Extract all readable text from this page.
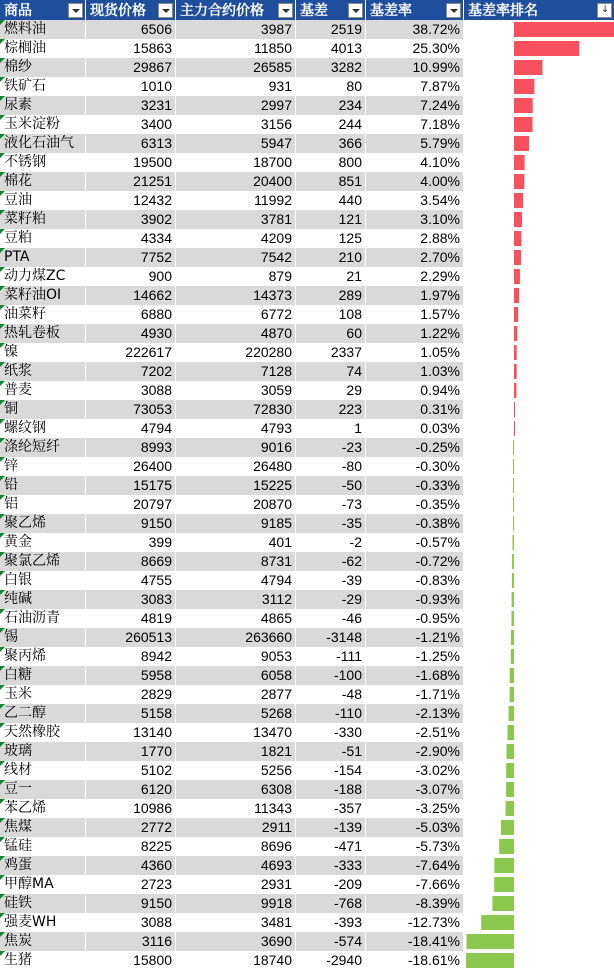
商品	现货价格	主力合约价格	基差	基差率	基差率排名
↓
燃料油	6506	3987	2519	38.72%
棕榈油	15863	11850	4013	25.30%
棉纱	29867	26585	3282	10.99%
铁矿石	1010	931	80	7.87%
尿素	3231	2997	234	7.24%
玉米淀粉	3400	3156	244	7.18%
液化石油气	6313	5947	366	5.79%
不锈钢	19500	18700	800	4.10%
棉花	21251	20400	851	4.00%
豆油	12432	11992	440	3.54%
菜籽粕	3902	3781	121	3.10%
豆粕	4334	4209	125	2.88%
PTA	7752	7542	210	2.70%
动力煤ZC	900	879	21	2.29%
菜籽油OI	14662	14373	289	1.97%
油菜籽	6880	6772	108	1.57%
热轧卷板	4930	4870	60	1.22%
镍	222617	220280	2337	1.05%
纸浆	7202	7128	74	1.03%
普麦	3088	3059	29	0.94%
铜	73053	72830	223	0.31%
螺纹钢	4794	4793	1	0.03%
涤纶短纤	8993	9016	-23	-0.25%
锌	26400	26480	-80	-0.30%
铅	15175	15225	-50	-0.33%
铝	20797	20870	-73	-0.35%
聚乙烯	9150	9185	-35	-0.38%
黄金	399	401	-2	-0.57%
聚氯乙烯	8669	8731	-62	-0.72%
白银	4755	4794	-39	-0.83%
纯碱	3083	3112	-29	-0.93%
石油沥青	4819	4865	-46	-0.95%
锡	260513	263660	-3148	-1.21%
聚丙烯	8942	9053	-111	-1.25%
白糖	5958	6058	-100	-1.68%
玉米	2829	2877	-48	-1.71%
乙二醇	5158	5268	-110	-2.13%
天然橡胶	13140	13470	-330	-2.51%
玻璃	1770	1821	-51	-2.90%
线材	5102	5256	-154	-3.02%
豆一	6120	6308	-188	-3.07%
苯乙烯	10986	11343	-357	-3.25%
焦煤	2772	2911	-139	-5.03%
锰硅	8225	8696	-471	-5.73%
鸡蛋	4360	4693	-333	-7.64%
甲醇MA	2723	2931	-209	-7.66%
硅铁	9150	9918	-768	-8.39%
强麦WH	3088	3481	-393	-12.73%
焦炭	3116	3690	-574	-18.41%
生猪	15800	18740	-2940	-18.61%
